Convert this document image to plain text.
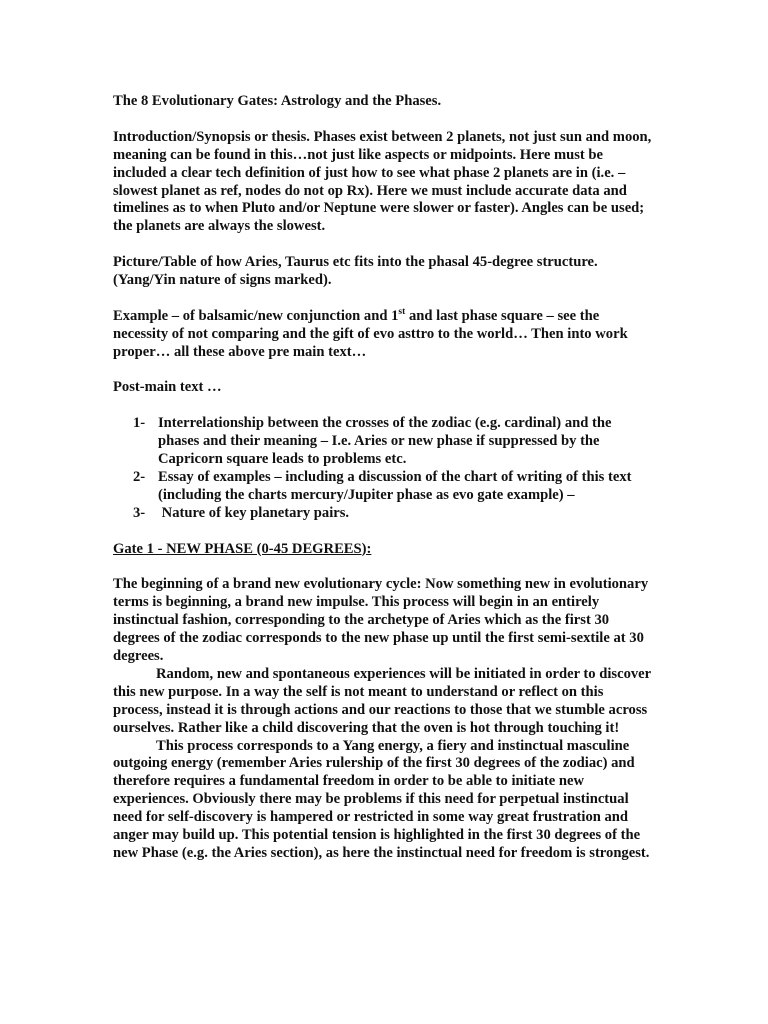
The 8 Evolutionary Gates: Astrology and the Phases.

Introduction/Synopsis or thesis. Phases exist between 2 planets, not just sun and moon, meaning can be found in this…not just like aspects or midpoints. Here must be included a clear tech definition of just how to see what phase 2 planets are in (i.e. – slowest planet as ref, nodes do not op Rx). Here we must include accurate data and timelines as to when Pluto and/or Neptune were slower or faster). Angles can be used; the planets are always the slowest.

Picture/Table of how Aries, Taurus etc fits into the phasal 45-degree structure. (Yang/Yin nature of signs marked).

Example – of balsamic/new conjunction and 1st and last phase square – see the necessity of not comparing and the gift of evo asttro to the world… Then into work proper… all these above pre main text…

Post-main text …

1- Interrelationship between the crosses of the zodiac (e.g. cardinal) and the phases and their meaning – I.e. Aries or new phase if suppressed by the Capricorn square leads to problems etc.
2- Essay of examples – including a discussion of the chart of writing of this text (including the charts mercury/Jupiter phase as evo gate example) –
3- Nature of key planetary pairs.

Gate 1 - NEW PHASE (0-45 DEGREES):

The beginning of a brand new evolutionary cycle: Now something new in evolutionary terms is beginning, a brand new impulse. This process will begin in an entirely instinctual fashion, corresponding to the archetype of Aries which as the first 30 degrees of the zodiac corresponds to the new phase up until the first semi-sextile at 30 degrees.

Random, new and spontaneous experiences will be initiated in order to discover this new purpose. In a way the self is not meant to understand or reflect on this process, instead it is through actions and our reactions to those that we stumble across ourselves. Rather like a child discovering that the oven is hot through touching it!

This process corresponds to a Yang energy, a fiery and instinctual masculine outgoing energy (remember Aries rulership of the first 30 degrees of the zodiac) and therefore requires a fundamental freedom in order to be able to initiate new experiences. Obviously there may be problems if this need for perpetual instinctual need for self-discovery is hampered or restricted in some way great frustration and anger may build up. This potential tension is highlighted in the first 30 degrees of the new Phase (e.g. the Aries section), as here the instinctual need for freedom is strongest.
